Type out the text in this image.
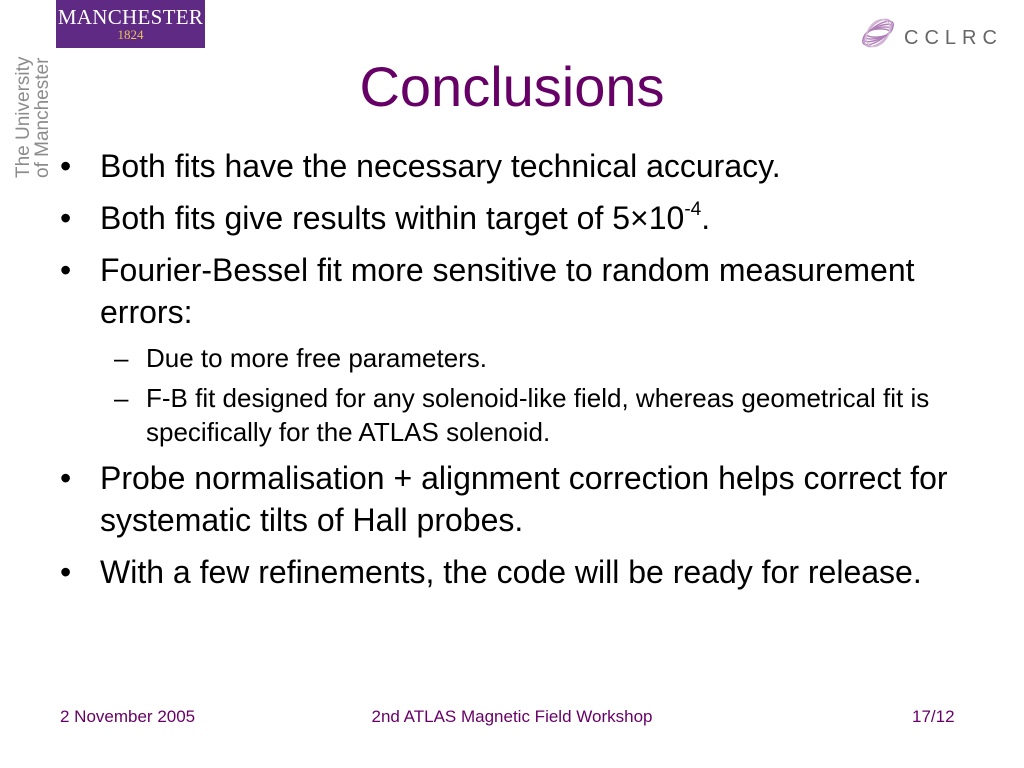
MANCHESTER
1824
The University
of Manchester
CCLRC
Conclusions
• Both fits have the necessary technical accuracy.
• Both fits give results within target of $5\times 10^{-4}$.
• Fourier-Bessel fit more sensitive to random measurement errors:
– Due to more free parameters.
– F-B fit designed for any solenoid-like field, whereas geometrical fit is specifically for the ATLAS solenoid.
• Probe normalisation + alignment correction helps correct for systematic tilts of Hall probes.
• With a few refinements, the code will be ready for release.
2 November 2005	2nd ATLAS Magnetic Field Workshop	17/12
